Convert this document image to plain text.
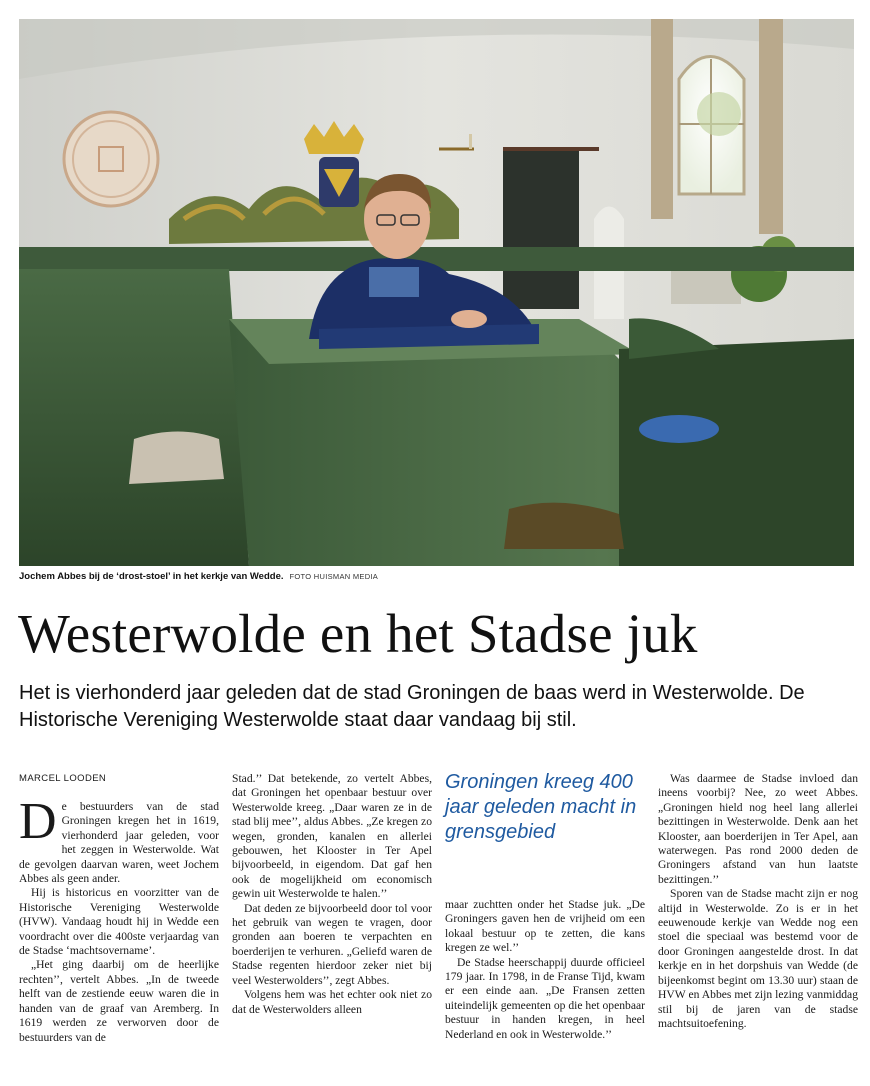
Jochem Abbes bij de ‘drost-stoel’ in het kerkje van Wedde. FOTO HUISMAN MEDIA
Westerwolde en het Stadse juk
Het is vierhonderd jaar geleden dat de stad Groningen de baas werd in Westerwolde. De Historische Vereniging Westerwolde staat daar vandaag bij stil.
MARCEL LOODEN

De bestuurders van de stad Groningen kregen het in 1619, vierhonderd jaar geleden, voor het zeggen in Westerwolde. Wat de gevolgen daarvan waren, weet Jochem Abbes als geen ander.

Hij is historicus en voorzitter van de Historische Vereniging Westerwolde (HVW). Vandaag houdt hij in Wedde een voordracht over die 400ste verjaardag van de Stadse ‘machtsovername’.

„Het ging daarbij om de heerlijke rechten’’, vertelt Abbes. „In de tweede helft van de zestiende eeuw waren die in handen van de graaf van Aremberg. In 1619 werden ze verworven door de bestuurders van de

Stad.’’ Dat betekende, zo vertelt Abbes, dat Groningen het openbaar bestuur over Westerwolde kreeg. „Daar waren ze in de stad blij mee’’, aldus Abbes. „Ze kregen zo wegen, gronden, kanalen en allerlei gebouwen, het Klooster in Ter Apel bijvoorbeeld, in eigendom. Dat gaf hen ook de mogelijkheid om economisch gewin uit Westerwolde te halen.’’

Dat deden ze bijvoorbeeld door tol voor het gebruik van wegen te vragen, door gronden aan boeren te verpachten en boerderijen te verhuren. „Geliefd waren de Stadse regenten hierdoor zeker niet bij veel Westerwolders’’, zegt Abbes.

Volgens hem was het echter ook niet zo dat de Westerwolders alleen

Groningen kreeg 400 jaar geleden macht in grensgebied

maar zuchtten onder het Stadse juk. „De Groningers gaven hen de vrijheid om een lokaal bestuur op te zetten, die kans kregen ze wel.’’

De Stadse heerschappij duurde officieel 179 jaar. In 1798, in de Franse Tijd, kwam er een einde aan. „De Fransen zetten uiteindelijk gemeenten op die het openbaar bestuur in handen kregen, in heel Nederland en ook in Westerwolde.’’

Was daarmee de Stadse invloed dan ineens voorbij? Nee, zo weet Abbes. „Groningen hield nog heel lang allerlei bezittingen in Westerwolde. Denk aan het Klooster, aan boerderijen in Ter Apel, aan waterwegen. Pas rond 2000 deden de Groningers afstand van hun laatste bezittingen.’’

Sporen van de Stadse macht zijn er nog altijd in Westerwolde. Zo is er in het eeuwenoude kerkje van Wedde nog een stoel die speciaal was bestemd voor de door Groningen aangestelde drost. In dat kerkje en in het dorpshuis van Wedde (de bijeenkomst begint om 13.30 uur) staan de HVW en Abbes met zijn lezing vanmiddag stil bij de jaren van de stadse machtsuitoefening.
